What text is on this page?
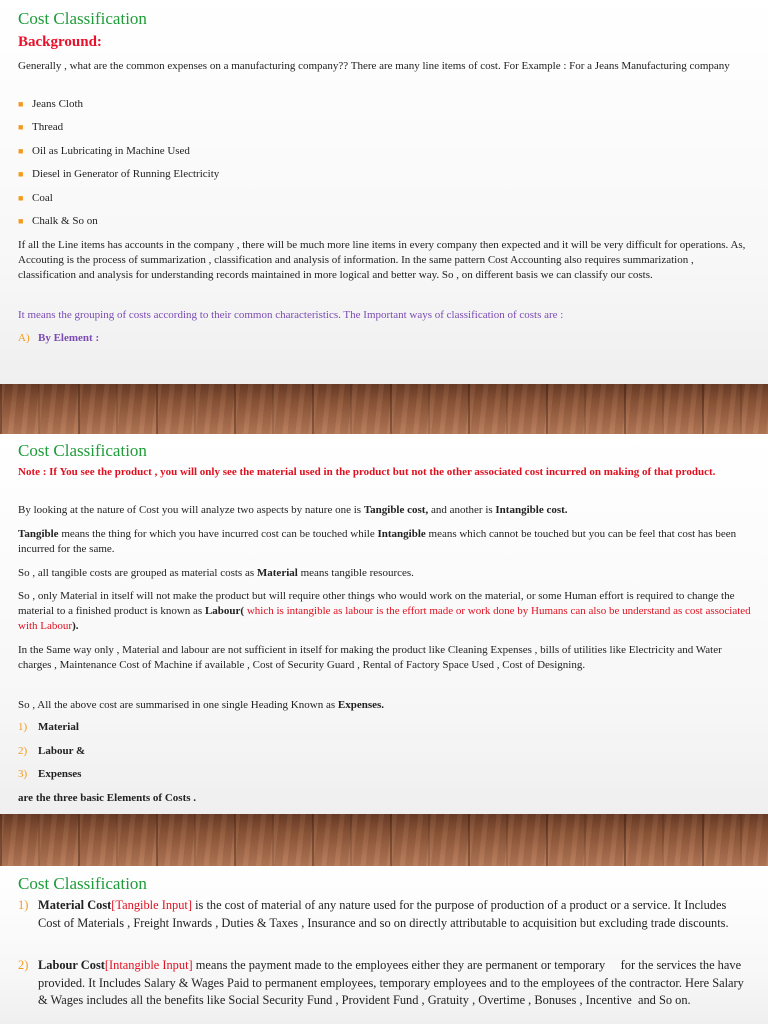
Cost Classification
Background:
Generally , what are the common expenses on a manufacturing company?? There are many line items of cost. For Example : For a Jeans Manufacturing company
■ Jeans Cloth
■ Thread
■ Oil as Lubricating in Machine Used
■ Diesel in Generator of Running Electricity
■ Coal
■ Chalk & So on
If all the Line items has accounts in the company , there will be much more line items in every company then expected and it will be very difficult for operations. As, Accouting is the process of summarization , classification and analysis of information. In the same pattern Cost Accounting also requires summarization , classification and analysis for understanding records maintained in more logical and better way. So , on different basis we can classify our costs.
It means the grouping of costs according to their common characteristics. The Important ways of classification of costs are :
A) By Element :
Cost Classification
Note : If You see the product , you will only see the material used in the product but not the other associated cost incurred on making of that product.
By looking at the nature of Cost you will analyze two aspects by nature one is Tangible cost, and another is Intangible cost.
Tangible means the thing for which you have incurred cost can be touched while Intangible means which cannot be touched but you can be feel that cost has been incurred for the same.
So , all tangible costs are grouped as material costs as Material means tangible resources.
So , only Material in itself will not make the product but will require other things who would work on the material, or some Human effort is required to change the material to a finished product is known as Labour( which is intangible as labour is the effort made or work done by Humans can also be understand as cost associated with Labour).
In the Same way only , Material and labour are not sufficient in itself for making the product like Cleaning Expenses , bills of utilities like Electricity and Water charges , Maintenance Cost of Machine if available , Cost of Security Guard , Rental of Factory Space Used , Cost of Designing.
So , All the above cost are summarised in one single Heading Known as Expenses.
1) Material
2) Labour &
3) Expenses
are the three basic Elements of Costs .
Cost Classification
1) Material Cost[Tangible Input] is the cost of material of any nature used for the purpose of production of a product or a service. It Includes Cost of Materials , Freight Inwards , Duties & Taxes , Insurance and so on directly attributable to acquisition but excluding trade discounts.
2) Labour Cost[Intangible Input] means the payment made to the employees either they are permanent or temporary     for the services the have provided. It Includes Salary & Wages Paid to permanent employees, temporary employees and to the employees of the contractor. Here Salary & Wages includes all the benefits like Social Security Fund , Provident Fund , Gratuity , Overtime , Bonuses , Incentive  and So on.
